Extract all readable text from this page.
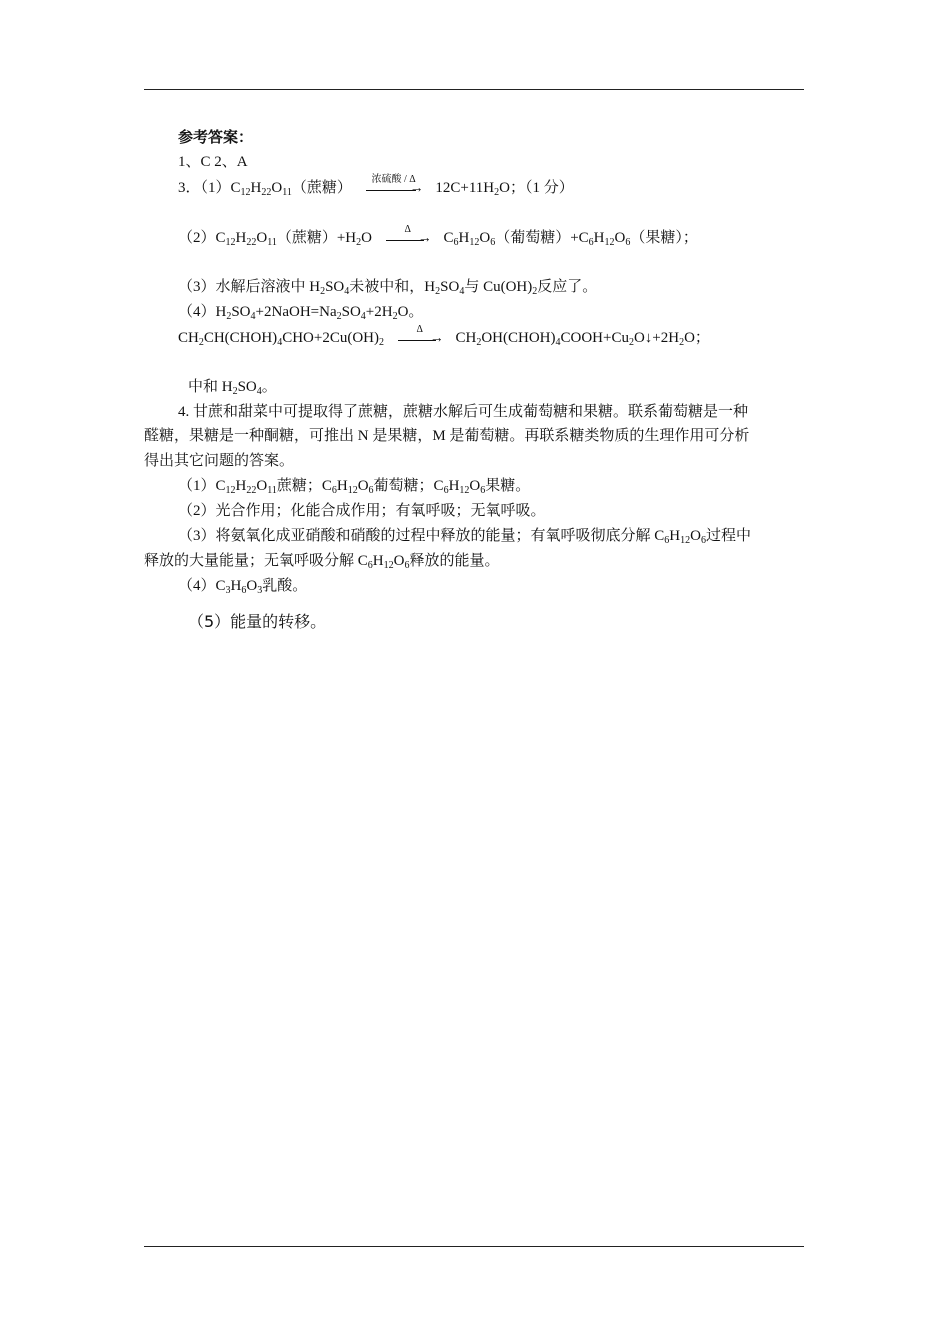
参考答案：
1、C 2、A
3．$(1)C_{12}H_{22}O_{11}$（蔗糖）
浓硫酸 / Δ
→ $12C+11H_2O$；（1 分）
$(2)C_{12}H_{22}O_{11}$（蔗糖）$+H_2O$
Δ
→ $C_6H_{12}O_6$（葡萄糖）$+C_6H_{12}O_6$（果糖）；
（3）水解后溶液中 $H_2SO_4$未被中和，$H_2SO_4$与 $Cu(OH)_2$反应了。
$(4)H_2SO_4+2NaOH=Na_2SO_4+2H_2O$。
$CH_2CH(CHOH)_4CHO+2Cu(OH)_2$
Δ
→ $CH_2OH(CHOH)_4COOH+Cu_2O↓+2H_2O$；
中和 $H_2SO_4$。
4. 甘蔗和甜菜中可提取得了蔗糖，蔗糖水解后可生成葡萄糖和果糖。联系葡萄糖是一种
醛糖，果糖是一种酮糖，可推出 N 是果糖，M 是葡萄糖。再联系糖类物质的生理作用可分析
得出其它问题的答案。
$(1)C_{12}H_{22}O_{11}$蔗糖；$C_6H_{12}O_6$葡萄糖；$C_6H_{12}O_6$果糖。
（2）光合作用；化能合成作用；有氧呼吸；无氧呼吸。
（3）将氨氧化成亚硝酸和硝酸的过程中释放的能量；有氧呼吸彻底分解 $C_6H_{12}O_6$过程中
释放的大量能量；无氧呼吸分解 $C_6H_{12}O_6$释放的能量。
$(4)C_3H_6O_3$乳酸。
（5）能量的转移。
